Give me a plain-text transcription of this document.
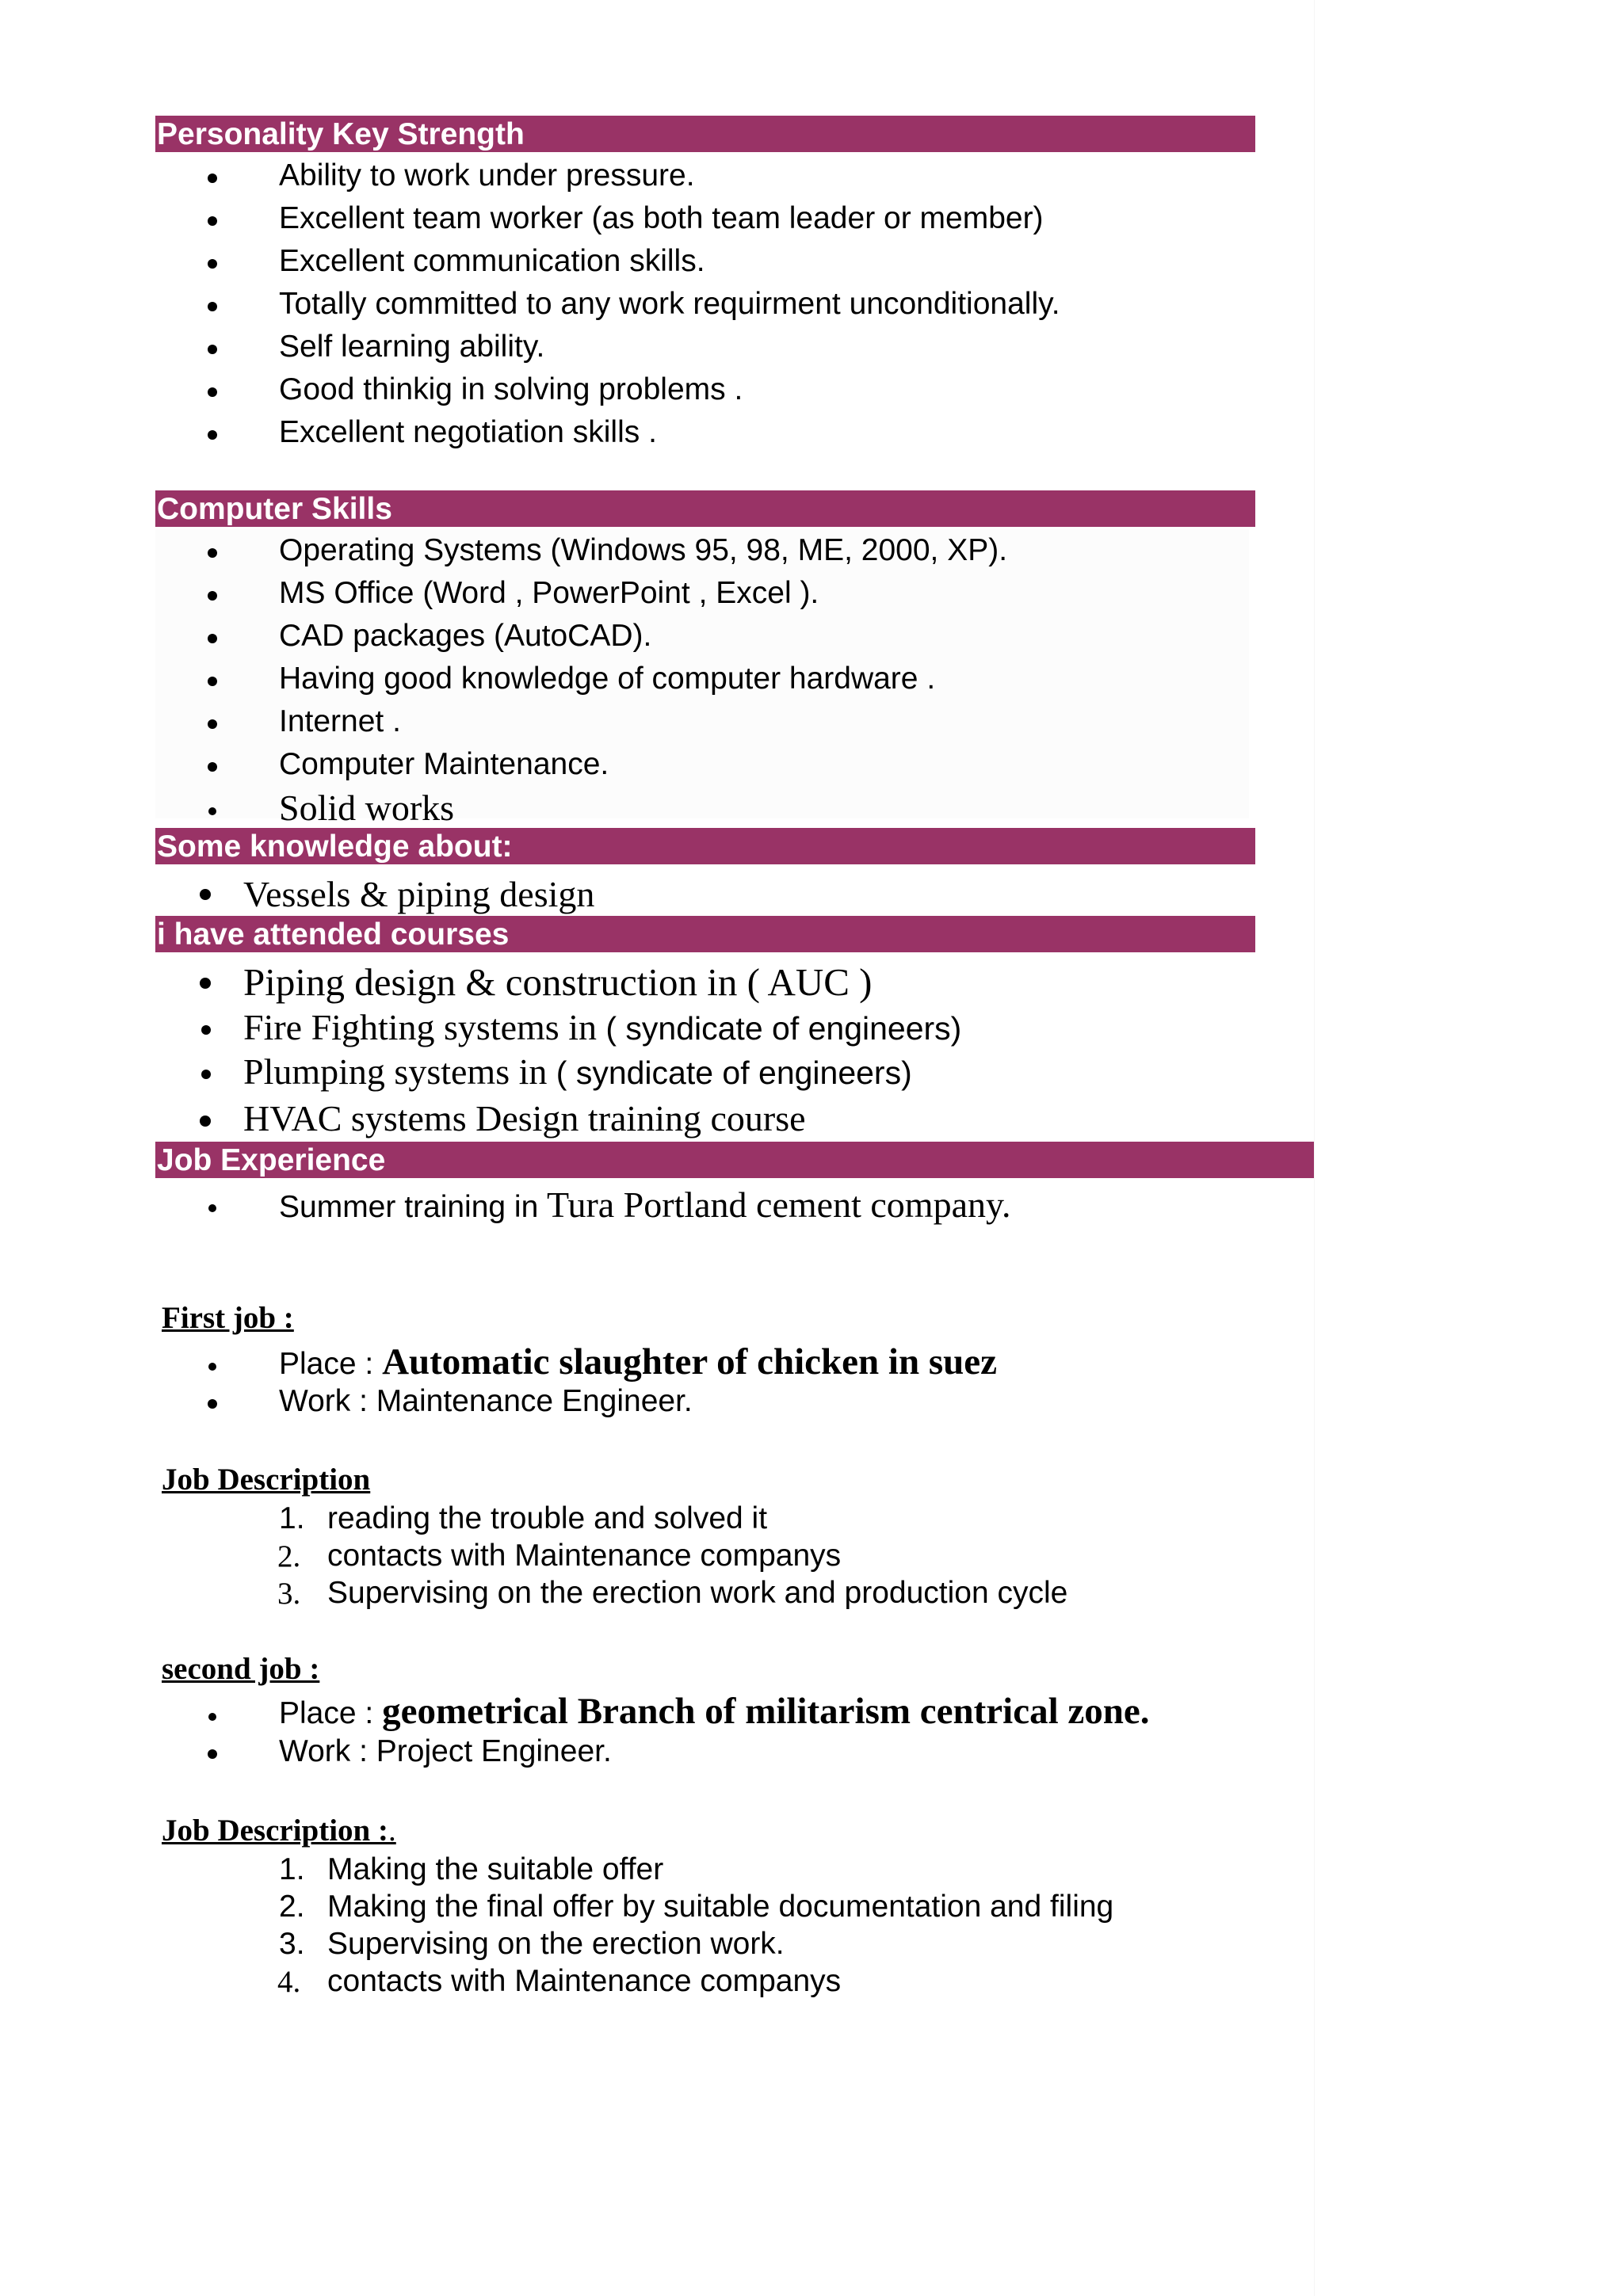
Personality Key Strength
Ability to work under pressure.
Excellent team worker (as both team leader or member)
Excellent communication skills.
Totally committed to any work requirment unconditionally.
Self learning ability.
Good thinkig in solving problems .
Excellent negotiation skills .
Computer Skills
Operating Systems (Windows 95, 98, ME, 2000, XP).
MS Office (Word , PowerPoint , Excel ).
CAD packages (AutoCAD).
Having good knowledge of computer hardware .
Internet .
Computer Maintenance.
Solid works
Some knowledge about:
Vessels & piping design
i have attended courses
Piping design & construction in ( AUC )
Fire Fighting systems in ( syndicate of engineers)
Plumping systems in ( syndicate of engineers)
HVAC systems Design training course
Job Experience
Summer training in Tura Portland cement company.
First job :
Place : Automatic slaughter of chicken in suez
Work : Maintenance Engineer.
Job Description
1. reading the trouble and solved it
2. contacts with Maintenance companys
3. Supervising on the erection work and production cycle
second job :
Place : geometrical Branch of militarism centrical zone.
Work : Project Engineer.
Job Description :.
1. Making the suitable offer
2. Making the final offer by suitable documentation and filing
3. Supervising on the erection work.
4. contacts with Maintenance companys
